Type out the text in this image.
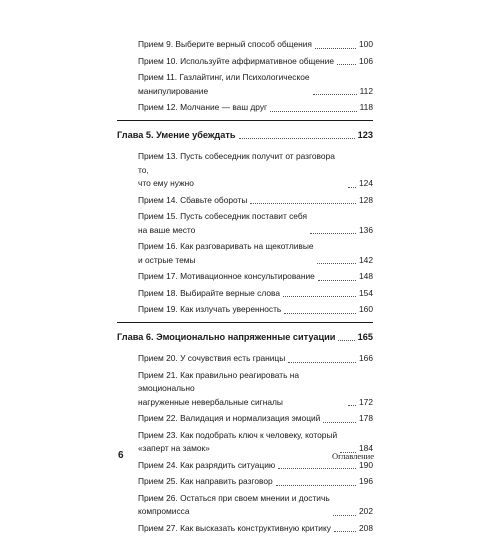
Прием 9. Выберите верный способ общения	100
Прием 10. Используйте аффирмативное общение	106
Прием 11. Газлайтинг, или Психологическое
манипулирование	112
Прием 12. Молчание — ваш друг	118
Глава 5. Умение убеждать	123
Прием 13. Пусть собеседник получит от разговора то,
что ему нужно	124
Прием 14. Сбавьте обороты	128
Прием 15. Пусть собеседник поставит себя
на ваше место	136
Прием 16. Как разговаривать на щекотливые
и острые темы	142
Прием 17. Мотивационное консультирование	148
Прием 18. Выбирайте верные слова	154
Прием 19. Как излучать уверенность	160
Глава 6. Эмоционально напряженные ситуации 165
Прием 20. У сочувствия есть границы	166
Прием 21. Как правильно реагировать на эмоционально
нагруженные невербальные сигналы	172
Прием 22. Валидация и нормализация эмоций	178
Прием 23. Как подобрать ключ к человеку, который
«заперт на замок»	184
Прием 24. Как разрядить ситуацию	190
Прием 25. Как направить разговор	196
Прием 26. Остаться при своем мнении и достичь
компромисса	202
Прием 27. Как высказать конструктивную критику	208
6	Оглавление
